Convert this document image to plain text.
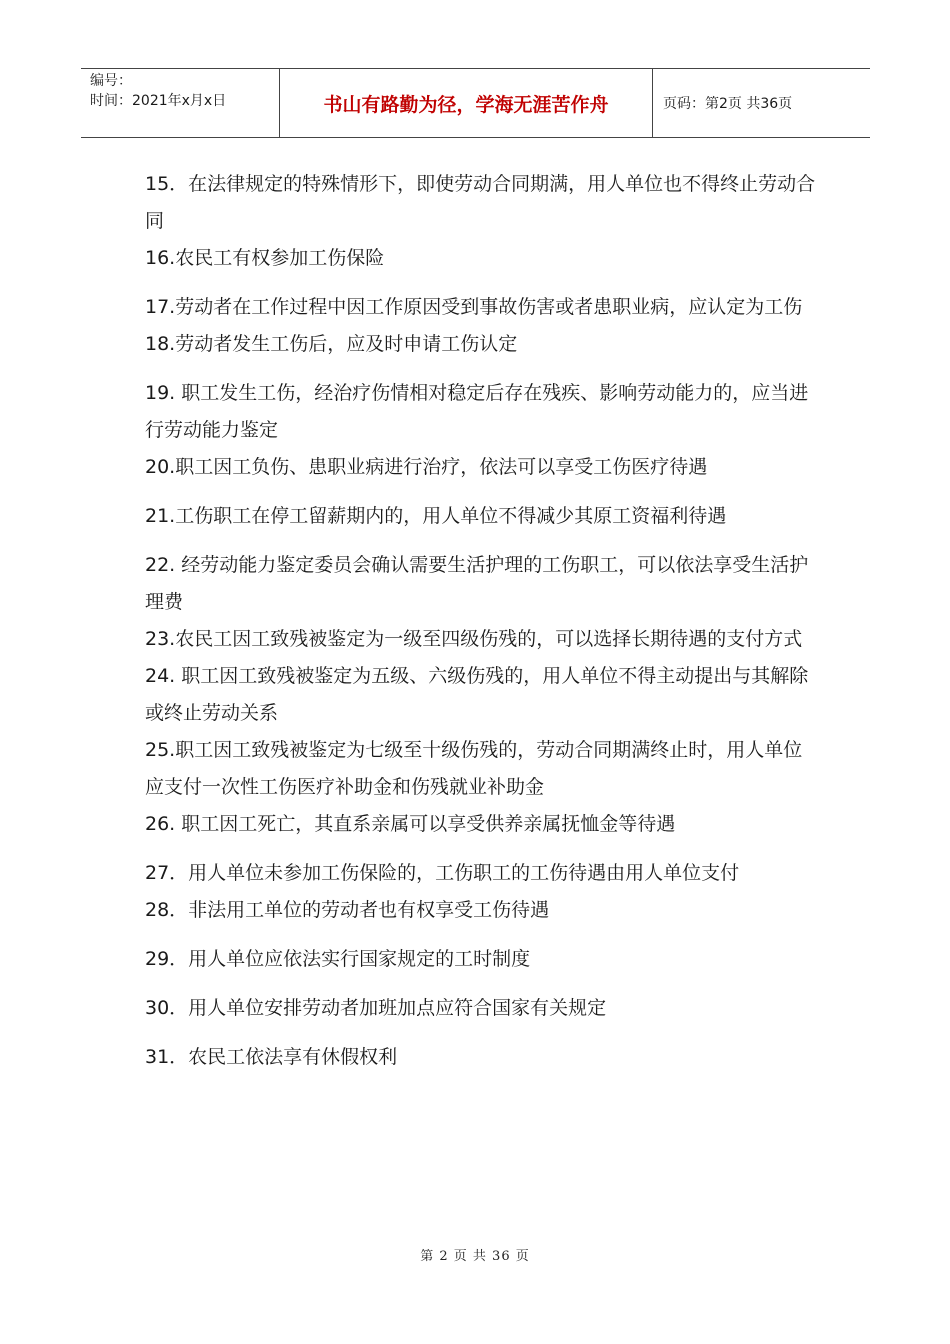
编号：
时间：2021年x月x日	书山有路勤为径，学海无涯苦作舟	页码：第2页 共36页

15．在法律规定的特殊情形下，即使劳动合同期满，用人单位也不得终止劳动合同

16.农民工有权参加工伤保险

17.劳动者在工作过程中因工作原因受到事故伤害或者患职业病，应认定为工伤

18.劳动者发生工伤后，应及时申请工伤认定

19. 职工发生工伤，经治疗伤情相对稳定后存在残疾、影响劳动能力的，应当进行劳动能力鉴定

20.职工因工负伤、患职业病进行治疗，依法可以享受工伤医疗待遇

21.工伤职工在停工留薪期内的，用人单位不得减少其原工资福利待遇

22. 经劳动能力鉴定委员会确认需要生活护理的工伤职工，可以依法享受生活护理费

23.农民工因工致残被鉴定为一级至四级伤残的，可以选择长期待遇的支付方式

24. 职工因工致残被鉴定为五级、六级伤残的，用人单位不得主动提出与其解除或终止劳动关系

25.职工因工致残被鉴定为七级至十级伤残的，劳动合同期满终止时，用人单位应支付一次性工伤医疗补助金和伤残就业补助金

26. 职工因工死亡，其直系亲属可以享受供养亲属抚恤金等待遇

27．用人单位未参加工伤保险的，工伤职工的工伤待遇由用人单位支付

28．非法用工单位的劳动者也有权享受工伤待遇

29．用人单位应依法实行国家规定的工时制度

30．用人单位安排劳动者加班加点应符合国家有关规定

31．农民工依法享有休假权利

第 2 页 共 36 页
